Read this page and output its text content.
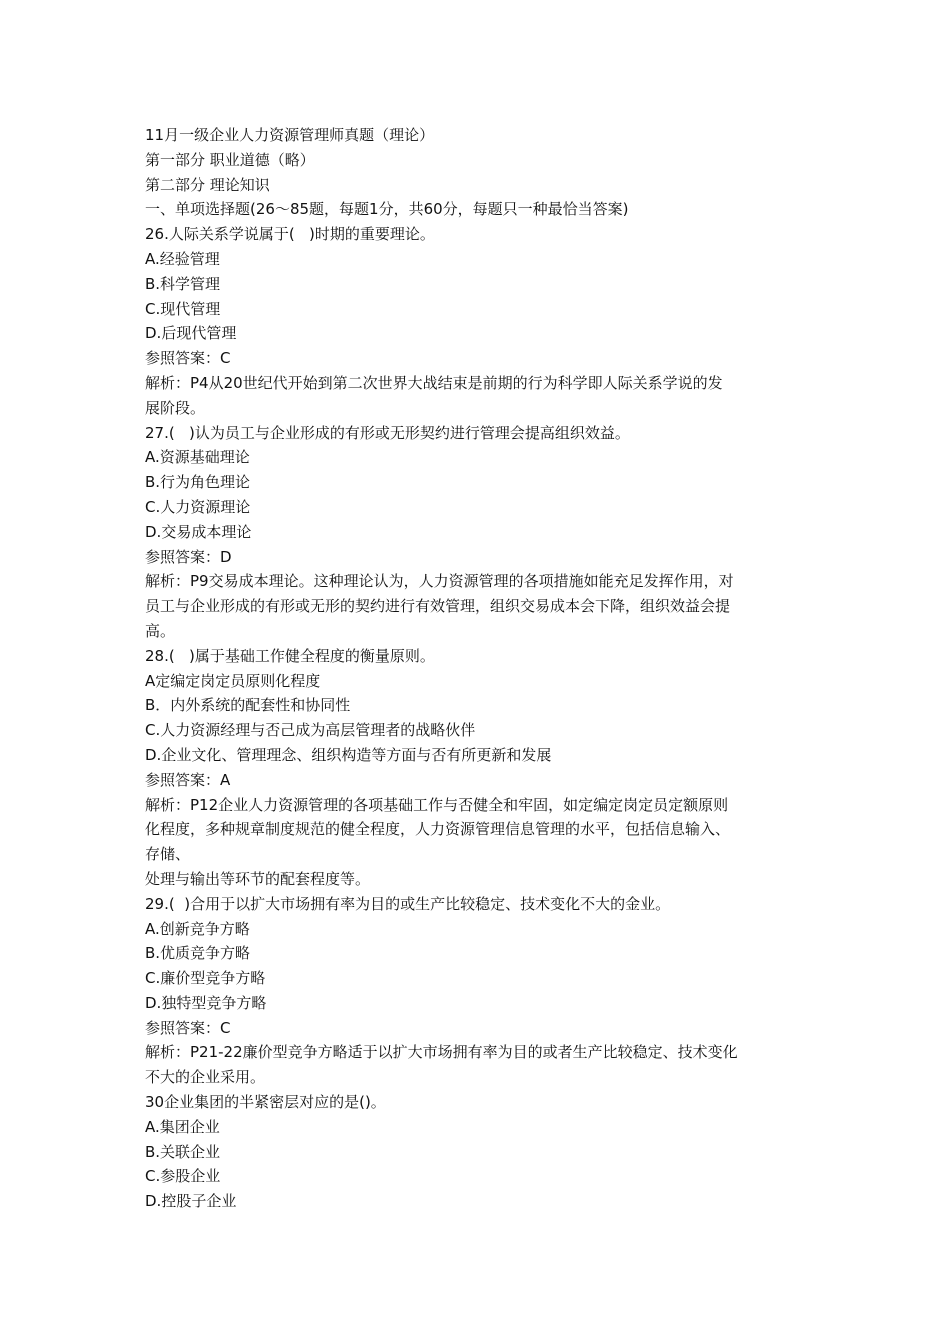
11月一级企业人力资源管理师真题（理论）

第一部分 职业道德（略）

第二部分 理论知识

一、单项选择题(26～85题，每题1分，共60分，每题只一种最恰当答案)

26.人际关系学说属于(   )时期的重要理论。

A.经验管理

B.科学管理

C.现代管理

D.后现代管理

参照答案：C

解析：P4从20世纪代开始到第二次世界大战结束是前期的行为科学即人际关系学说的发

展阶段。

27.(   )认为员工与企业形成的有形或无形契约进行管理会提高组织效益。

A.资源基础理论

B.行为角色理论

C.人力资源理论

D.交易成本理论

参照答案：D

解析：P9交易成本理论。这种理论认为，人力资源管理的各项措施如能充足发挥作用，对

员工与企业形成的有形或无形的契约进行有效管理，组织交易成本会下降，组织效益会提

高。

28.(   )属于基础工作健全程度的衡量原则。

A定编定岗定员原则化程度

B．内外系统的配套性和协同性

C.人力资源经理与否己成为高层管理者的战略伙伴

D.企业文化、管理理念、组织构造等方面与否有所更新和发展

参照答案：A

解析：P12企业人力资源管理的各项基础工作与否健全和牢固，如定编定岗定员定额原则

化程度，多种规章制度规范的健全程度，人力资源管理信息管理的水平，包括信息输入、

存储、

处理与输出等环节的配套程度等。

29.(  )合用于以扩大市场拥有率为目的或生产比较稳定、技术变化不大的金业。

A.创新竞争方略

B.优质竞争方略

C.廉价型竞争方略

D.独特型竞争方略

参照答案：C

解析：P21-22廉价型竞争方略适于以扩大市场拥有率为目的或者生产比较稳定、技术变化

不大的企业采用。

30企业集团的半紧密层对应的是()。

A.集团企业

B.关联企业

C.参股企业

D.控股子企业
